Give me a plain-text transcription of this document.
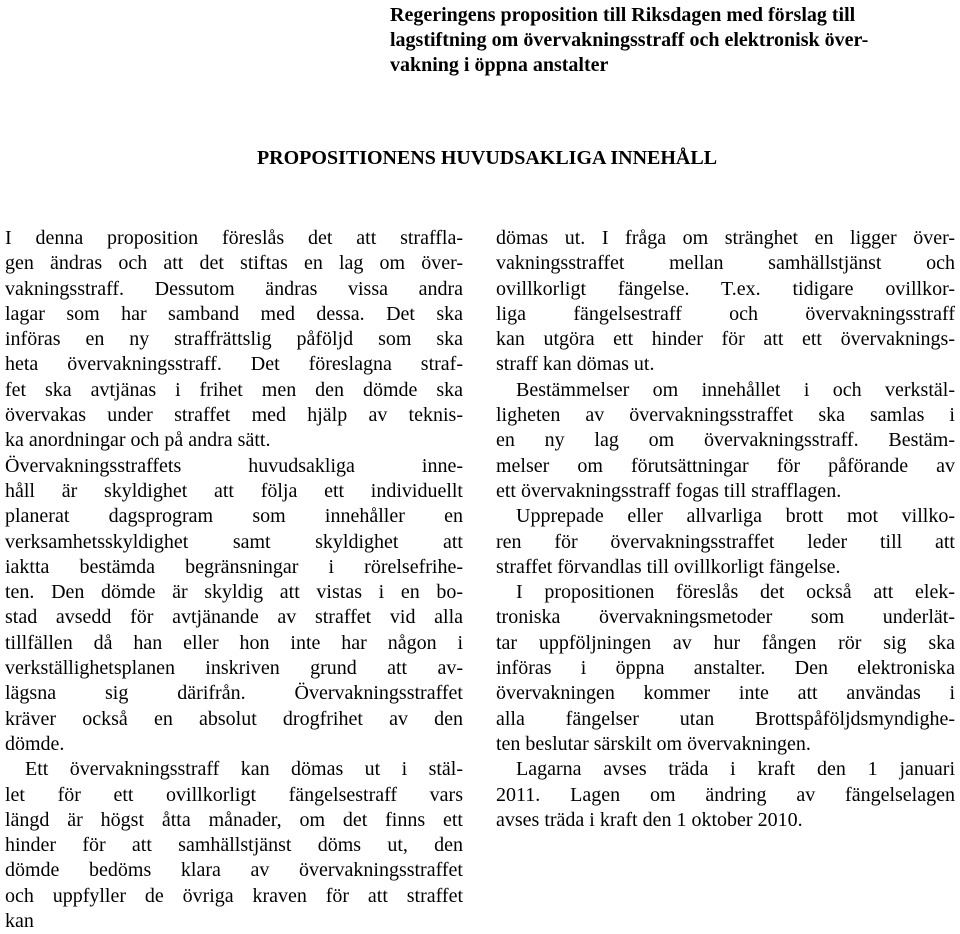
Regeringens proposition till Riksdagen med förslag till
lagstiftning om övervakningsstraff och elektronisk över-
vakning i öppna anstalter
PROPOSITIONENS HUVUDSAKLIGA INNEHÅLL
I denna proposition föreslås det att strafflа-
gen ändras och att det stiftas en lag om över-
vakningsstraff. Dessutom ändras vissa andra
lagar som har samband med dessa. Det ska
införas en ny straffrättslig påföljd som ska
heta övervakningsstraff. Det föreslagna straf-
fet ska avtjänas i frihet men den dömde ska
övervakas under straffet med hjälp av teknis-
ka anordningar och på andra sätt.
Övervakningsstraffets huvudsakliga inne-
håll är skyldighet att följa ett individuellt
planerat dagsprogram som innehåller en
verksamhetsskyldighet samt skyldighet att
iaktta bestämda begränsningar i rörelsefrihe-
ten. Den dömde är skyldig att vistas i en bo-
stad avsedd för avtjänande av straffet vid alla
tillfällen då han eller hon inte har någon i
verkställighetsplanen inskriven grund att av-
lägsna sig därifrån. Övervakningsstraffet
kräver också en absolut drogfrihet av den
dömde.
Ett övervakningsstraff kan dömas ut i stäl-
let för ett ovillkorligt fängelsestraff vars
längd är högst åtta månader, om det finns ett
hinder för att samhällstjänst döms ut, den
dömde bedöms klara av övervakningsstraffet
och uppfyller de övriga kraven för att straffet
kan
dömas ut. I fråga om stränghet en ligger över-
vakningsstraffet mellan samhällstjänst och
ovillkorligt fängelse. T.ex. tidigare ovillkor-
liga fängelsestraff och övervakningsstraff
kan utgöra ett hinder för att ett övervaknings-
straff kan dömas ut.
Bestämmelser om innehållet i och verkstäl-
ligheten av övervakningsstraffet ska samlas i
en ny lag om övervakningsstraff. Bestäm-
melser om förutsättningar för påförande av
ett övervakningsstraff fogas till strafflagen.
Upprepade eller allvarliga brott mot villko-
ren för övervakningsstraffet leder till att
straffet förvandlas till ovillkorligt fängelse.
I propositionen föreslås det också att elek-
troniska övervakningsmetoder som underlät-
tar uppföljningen av hur fången rör sig ska
införas i öppna anstalter. Den elektroniska
övervakningen kommer inte att användas i
alla fängelser utan Brottspåföljdsmyndighe-
ten beslutar särskilt om övervakningen.
Lagarna avses träda i kraft den 1 januari
2011. Lagen om ändring av fängelselagen
avses träda i kraft den 1 oktober 2010.
